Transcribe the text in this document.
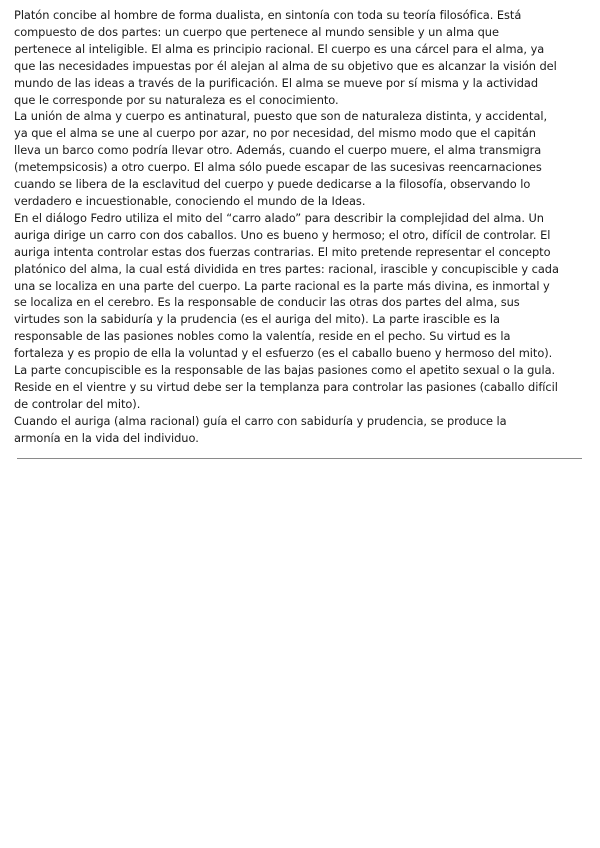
Platón concibe al hombre de forma dualista, en sintonía con toda su teoría filosófica. Está
compuesto de dos partes: un cuerpo que pertenece al mundo sensible y un alma que
pertenece al inteligible. El alma es principio racional. El cuerpo es una cárcel para el alma, ya
que las necesidades impuestas por él alejan al alma de su objetivo que es alcanzar la visión del
mundo de las ideas a través de la purificación. El alma se mueve por sí misma y la actividad
que le corresponde por su naturaleza es el conocimiento.
La unión de alma y cuerpo es antinatural, puesto que son de naturaleza distinta, y accidental,
ya que el alma se une al cuerpo por azar, no por necesidad, del mismo modo que el capitán
lleva un barco como podría llevar otro. Además, cuando el cuerpo muere, el alma transmigra
(metempsicosis) a otro cuerpo. El alma sólo puede escapar de las sucesivas reencarnaciones
cuando se libera de la esclavitud del cuerpo y puede dedicarse a la filosofía, observando lo
verdadero e incuestionable, conociendo el mundo de la Ideas.
En el diálogo Fedro utiliza el mito del “carro alado” para describir la complejidad del alma. Un
auriga dirige un carro con dos caballos. Uno es bueno y hermoso; el otro, difícil de controlar. El
auriga intenta controlar estas dos fuerzas contrarias. El mito pretende representar el concepto
platónico del alma, la cual está dividida en tres partes: racional, irascible y concupiscible y cada
una se localiza en una parte del cuerpo. La parte racional es la parte más divina, es inmortal y
se localiza en el cerebro. Es la responsable de conducir las otras dos partes del alma, sus
virtudes son la sabiduría y la prudencia (es el auriga del mito). La parte irascible es la
responsable de las pasiones nobles como la valentía, reside en el pecho. Su virtud es la
fortaleza y es propio de ella la voluntad y el esfuerzo (es el caballo bueno y hermoso del mito).
La parte concupiscible es la responsable de las bajas pasiones como el apetito sexual o la gula.
Reside en el vientre y su virtud debe ser la templanza para controlar las pasiones (caballo difícil
de controlar del mito).
Cuando el auriga (alma racional) guía el carro con sabiduría y prudencia, se produce la
armonía en la vida del individuo.
